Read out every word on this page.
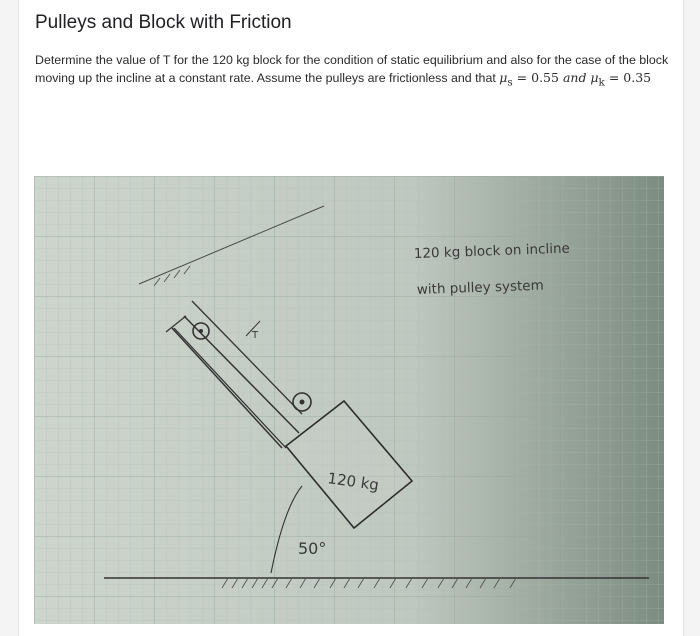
Pulleys and Block with Friction

Determine the value of T for the 120 kg block for the condition of static equilibrium and also for the case of the block
moving up the incline at a constant rate. Assume the pulleys are frictionless and that $\mu_s = 0.55$ and $\mu_k = 0.35$

T
120 kg
50°
120 kg block on incline
with pulley system
